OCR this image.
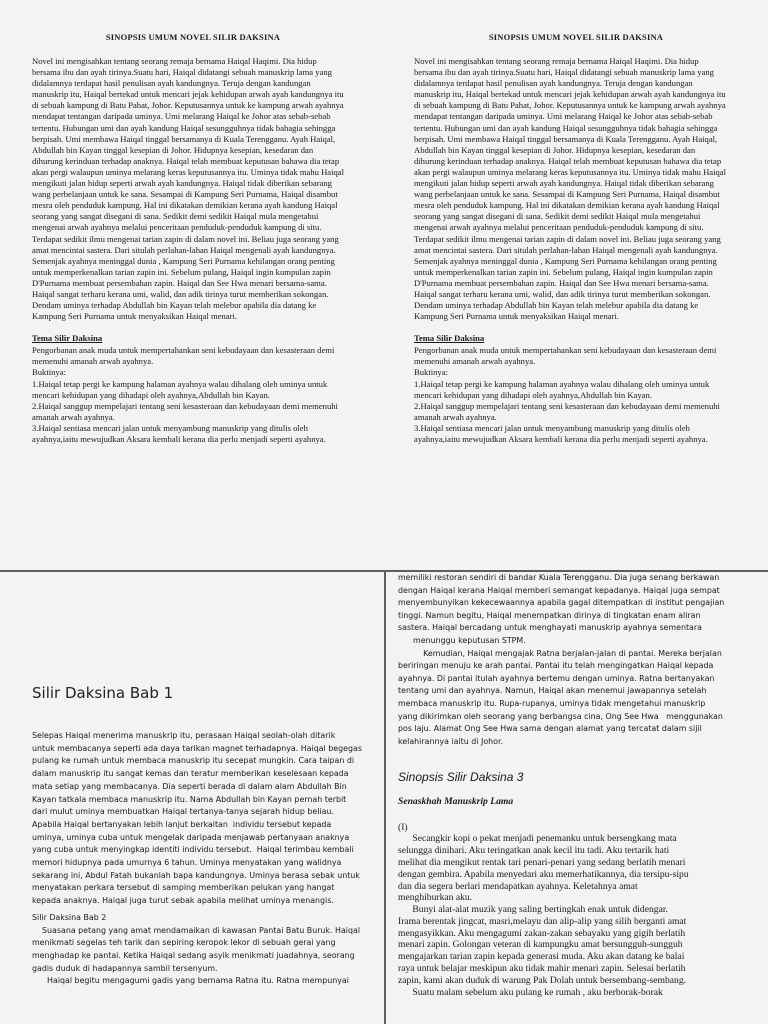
SINOPSIS UMUM NOVEL SILIR DAKSINA
Novel ini mengisahkan tentang seorang remaja bernama Haiqal Haqimi. Dia hidup
bersama ibu dan ayah tirinya.Suatu hari, Haiqal didatangi sebuah manuskrip lama yang
didalamnya terdapat hasil penulisan ayah kandungnya. Teruja dengan kandungan
manuskrip itu, Haiqal bertekad untuk mencari jejak kehidupan arwah ayah kandungnya itu
di sebuah kampung di Batu Pahat, Johor. Keputusannya untuk ke kampung arwah ayahnya
mendapat tentangan daripada uminya. Umi melarang Haiqal ke Johor atas sebab-sebab
tertentu. Hubungan umi dan ayah kandung Haiqal sesungguhnya tidak bahagia sehingga
berpisah. Umi membawa Haiqal tinggal bersamanya di Kuala Terengganu. Ayah Haiqal,
Abdullah bin Kayan tinggal kesepian di Johor. Hidupnya kesepian, kesedaran dan
dihurung kerinduan terhadap anaknya. Haiqal telah membuat keputusan bahawa dia tetap
akan pergi walaupun uminya melarang keras keputusannya itu. Uminya tidak mahu Haiqal
mengikuti jalan hidup seperti arwah ayah kandungnya. Haiqal tidak diberikan sebarang
wang perbelanjaan untuk ke sana. Sesampai di Kampung Seri Purnama, Haiqal disambut
mesra oleh penduduk kampung. Hal ini dikatakan demikian kerana ayah kandung Haiqal
seorang yang sangat disegani di sana. Sedikit demi sedikit Haiqal mula mengetahui
mengenai arwah ayahnya melalui penceritaan penduduk-penduduk kampung di situ.
Terdapat sedikit ilmu mengenai tarian zapin di dalam novel ini. Beliau juga seorang yang
amat mencintai sastera. Dari situlah perlahan-lahan Haiqal mengenali ayah kandungnya.
Semenjak ayahnya meninggal dunia , Kampung Seri Purnama kehilangan orang penting
untuk memperkenalkan tarian zapin ini. Sebelum pulang, Haiqal ingin kumpulan zapin
D'Purnama membuat persembahan zapin. Haiqal dan See Hwa menari bersama-sama.
Haiqal sangat terharu kerana umi, walid, dan adik tirinya turut memberikan sokongan.
Dendam uminya terhadap Abdullah bin Kayan telah melebur apabila dia datang ke
Kampung Seri Purnama untuk menyaksikan Haiqal menari.
Tema Silir Daksina
Pengorbanan anak muda untuk mempertahankan seni kebudayaan dan kesasteraan demi
memenuhi amanah arwah ayahnya.
Buktinya:
1.Haiqal tetap pergi ke kampung halaman ayahnya walau dihalang oleh uminya untuk
mencari kehidupan yang dihadapi oleh ayahnya,Abdullah bin Kayan.
2.Haiqal sanggup mempelajari tentang seni kesasteraan dan kebudayaan demi memenuhi
amanah arwah ayahnya.
3.Haiqal sentiasa mencari jalan untuk menyambung manuskrip yang ditulis oleh
ayahnya,iaitu mewujudkan Aksara kembali kerana dia perlu menjadi seperti ayahnya.
SINOPSIS UMUM NOVEL SILIR DAKSINA
Novel ini mengisahkan tentang seorang remaja bernama Haiqal Haqimi. Dia hidup
bersama ibu dan ayah tirinya.Suatu hari, Haiqal didatangi sebuah manuskrip lama yang
didalamnya terdapat hasil penulisan ayah kandungnya. Teruja dengan kandungan
manuskrip itu, Haiqal bertekad untuk mencari jejak kehidupan arwah ayah kandungnya itu
di sebuah kampung di Batu Pahat, Johor. Keputusannya untuk ke kampung arwah ayahnya
mendapat tentangan daripada uminya. Umi melarang Haiqal ke Johor atas sebab-sebab
tertentu. Hubungan umi dan ayah kandung Haiqal sesungguhnya tidak bahagia sehingga
berpisah. Umi membawa Haiqal tinggal bersamanya di Kuala Terengganu. Ayah Haiqal,
Abdullah bin Kayan tinggal kesepian di Johor. Hidupnya kesepian, kesedaran dan
dihurung kerinduan terhadap anaknya. Haiqal telah membuat keputusan bahawa dia tetap
akan pergi walaupun uminya melarang keras keputusannya itu. Uminya tidak mahu Haiqal
mengikuti jalan hidup seperti arwah ayah kandungnya. Haiqal tidak diberikan sebarang
wang perbelanjaan untuk ke sana. Sesampai di Kampung Seri Purnama, Haiqal disambut
mesra oleh penduduk kampung. Hal ini dikatakan demikian kerana ayah kandung Haiqal
seorang yang sangat disegani di sana. Sedikit demi sedikit Haiqal mula mengetahui
mengenai arwah ayahnya melalui penceritaan penduduk-penduduk kampung di situ.
Terdapat sedikit ilmu mengenai tarian zapin di dalam novel ini. Beliau juga seorang yang
amat mencintai sastera. Dari situlah perlahan-lahan Haiqal mengenali ayah kandungnya.
Semenjak ayahnya meninggal dunia , Kampung Seri Purnama kehilangan orang penting
untuk memperkenalkan tarian zapin ini. Sebelum pulang, Haiqal ingin kumpulan zapin
D'Purnama membuat persembahan zapin. Haiqal dan See Hwa menari bersama-sama.
Haiqal sangat terharu kerana umi, walid, dan adik tirinya turut memberikan sokongan.
Dendam uminya terhadap Abdullah bin Kayan telah melebur apabila dia datang ke
Kampung Seri Purnama untuk menyaksikan Haiqal menari.
Tema Silir Daksina
Pengorbanan anak muda untuk mempertahankan seni kebudayaan dan kesasteraan demi
memenuhi amanah arwah ayahnya.
Buktinya:
1.Haiqal tetap pergi ke kampung halaman ayahnya walau dihalang oleh uminya untuk
mencari kehidupan yang dihadapi oleh ayahnya,Abdullah bin Kayan.
2.Haiqal sanggup mempelajari tentang seni kesasteraan dan kebudayaan demi memenuhi
amanah arwah ayahnya.
3.Haiqal sentiasa mencari jalan untuk menyambung manuskrip yang ditulis oleh
ayahnya,iaitu mewujudkan Aksara kembali kerana dia perlu menjadi seperti ayahnya.
Silir Daksina Bab 1
Selepas Haiqal menerima manuskrip itu, perasaan Haiqal seolah-olah ditarik
untuk membacanya seperti ada daya tarikan magnet terhadapnya. Haiqal begegas
pulang ke rumah untuk membaca manuskrip itu secepat mungkin. Cara taipan di
dalam manuskrip itu sangat kemas dan teratur memberikan keselesaan kepada
mata setiap yang membacanya. Dia seperti berada di dalam alam Abdullah Bin
Kayan tatkala membaca manuskrip itu. Nama Abdullah bin Kayan pernah terbit
dari mulut uminya membuatkan Haiqal tertanya-tanya sejarah hidup beliau.
Apabila Haiqal bertanyakan lebih lanjut berkaitan  individu tersebut kepada
uminya, uminya cuba untuk mengelak daripada menjawab pertanyaan anaknya
yang cuba untuk menyingkap identiti individu tersebut.  Haiqal terimbau kembali
memori hidupnya pada umurnya 6 tahun. Uminya menyatakan yang walidnya
sekarang ini, Abdul Fatah bukanlah bapa kandungnya. Uminya berasa sebak untuk
menyatakan perkara tersebut di samping memberikan pelukan yang hangat
kepada anaknya. Haiqal juga turut sebak apabila melihat uminya menangis.
Silir Daksina Bab 2
Suasana petang yang amat mendamaikan di kawasan Pantai Batu Buruk. Haiqal
menikmati segelas teh tarik dan sepiring keropok lekor di sebuah gerai yang
menghadap ke pantai. Ketika Haiqal sedang asyik menikmati juadahnya, seorang
gadis duduk di hadapannya sambil tersenyum.
Haiqal begitu mengagumi gadis yang bernama Ratna itu. Ratna mempunyai
memiliki restoran sendiri di bandar Kuala Terengganu. Dia juga senang berkawan
dengan Haiqal kerana Haiqal memberi semangat kepadanya. Haiqal juga sempat
menyembunyikan kekecewaannya apabila gagal ditempatkan di institut pengajian
tinggi. Namun begitu, Haiqal menempatkan dirinya di tingkatan enam aliran
sastera. Haiqal bercadang untuk menghayati manuskrip ayahnya sementara
menunggu keputusan STPM.
Kemudian, Haiqal mengajak Ratna berjalan-jalan di pantai. Mereka berjalan
beriringan menuju ke arah pantai. Pantai itu telah mengingatkan Haiqal kepada
ayahnya. Di pantai itulah ayahnya bertemu dengan uminya. Ratna bertanyakan
tentang umi dan ayahnya. Namun, Haiqal akan menemui jawapannya setelah
membaca manuskrip itu. Rupa-rupanya, uminya tidak mengetahui manuskrip
yang dikirimkan oleh seorang yang berbangsa cina, Ong See Hwa   menggunakan
pos laju. Alamat Ong See Hwa sama dengan alamat yang tercatat dalam sijil
kelahirannya iaitu di Johor.
Sinopsis Silir Daksina 3
Senaskhah Manuskrip Lama
(I)
Secangkir kopi o pekat menjadi penemanku untuk bersengkang mata
selungga dinihari. Aku teringatkan anak kecil itu tadi. Aku tertarik hati
melihat dia mengikut rentak tari penari-penari yang sedang berlatih menari
dengan gembira. Apabila menyedari aku memerhatikannya, dia tersipu-sipu
dan dia segera berlari mendapatkan ayahnya. Keletahnya amat
menghiburkan aku.
Bunyi alat-alat muzik yang saling bertingkah enak untuk didengar.
Irama berentak jingcat, masri,melayu dan alip-alip yang silih berganti amat
mengasyikkan. Aku mengagumi zakan-zakan sebayaku yang gigih berlatih
menari zapin. Golongan veteran di kampungku amat bersungguh-sungguh
mengajarkan tarian zapin kepada generasi muda. Aku akan datang ke balai
raya untuk belajar meskipun aku tidak mahir menari zapin. Selesai berlatih
zapin, kami akan duduk di warung Pak Dolah untuk bersembang-sembang.
Suatu malam sebelum aku pulang ke rumah , aku berborak-borak
